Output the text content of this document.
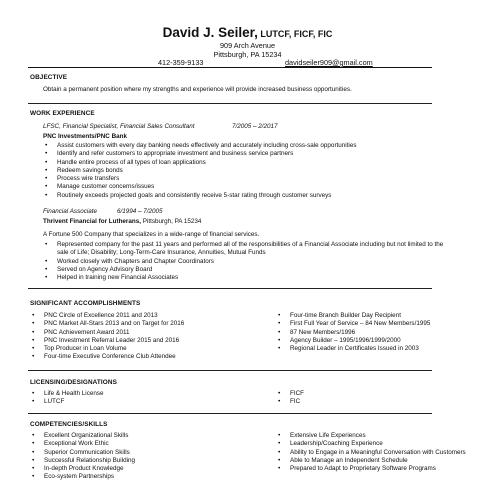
David J. Seiler, LUTCF, FICF, FIC
909 Arch Avenue
Pittsburgh, PA 15234
412-359-9133	davidseiler909@gmail.com
OBJECTIVE
Obtain a permanent position where my strengths and experience will provide increased business opportunities.
WORK EXPERIENCE
LFSC, Financial Specialist, Financial Sales Consultant	7/2005 – 2/2017
PNC Investments/PNC Bank
• Assist customers with every day banking needs effectively and accurately including cross-sale opportunities
• Identify and refer customers to appropriate investment and business service partners
• Handle entire process of all types of loan applications
• Redeem savings bonds
• Process wire transfers
• Manage customer concerns/issues
• Routinely exceeds projected goals and consistently receive 5-star rating through customer surveys
Financial Associate	6/1994 – 7/2005
Thrivent Financial for Lutherans, Pittsburgh, PA 15234
A Fortune 500 Company that specializes in a wide-range of financial services.
• Represented company for the past 11 years and performed all of the responsibilities of a Financial Associate including but not limited to the sale of Life; Disability; Long-Term-Care Insurance, Annuities, Mutual Funds
• Worked closely with Chapters and Chapter Coordinators
• Served on Agency Advisory Board
• Helped in training new Financial Associates
SIGNIFICANT ACCOMPLISHMENTS
• PNC Circle of Excellence 2011 and 2013
• PNC Market All-Stars 2013 and on Target for 2016
• PNC Achievement Award 2011
• PNC Investment Referral Leader 2015 and 2016
• Top Producer in Loan Volume
• Four-time Executive Conference Club Attendee
• Four-time Branch Builder Day Recipient
• First Full Year of Service – 84 New Members/1995
• 87 New Members/1996
• Agency Builder – 1995/1996/1999/2000
• Regional Leader in Certificates Issued in 2003
LICENSING/DESIGNATIONS
• Life & Health License
• LUTCF
• FICF
• FIC
COMPETENCIES/SKILLS
• Excellent Organizational Skills
• Exceptional Work Ethic
• Superior Communication Skills
• Successful Relationship Building
• In-depth Product Knowledge
• Eco-system Partnerships
• Extensive Life Experiences
• Leadership/Coaching Experience
• Ability to Engage in a Meaningful Conversation with Customers
• Able to Manage an Independent Schedule
• Prepared to Adapt to Proprietary Software Programs
